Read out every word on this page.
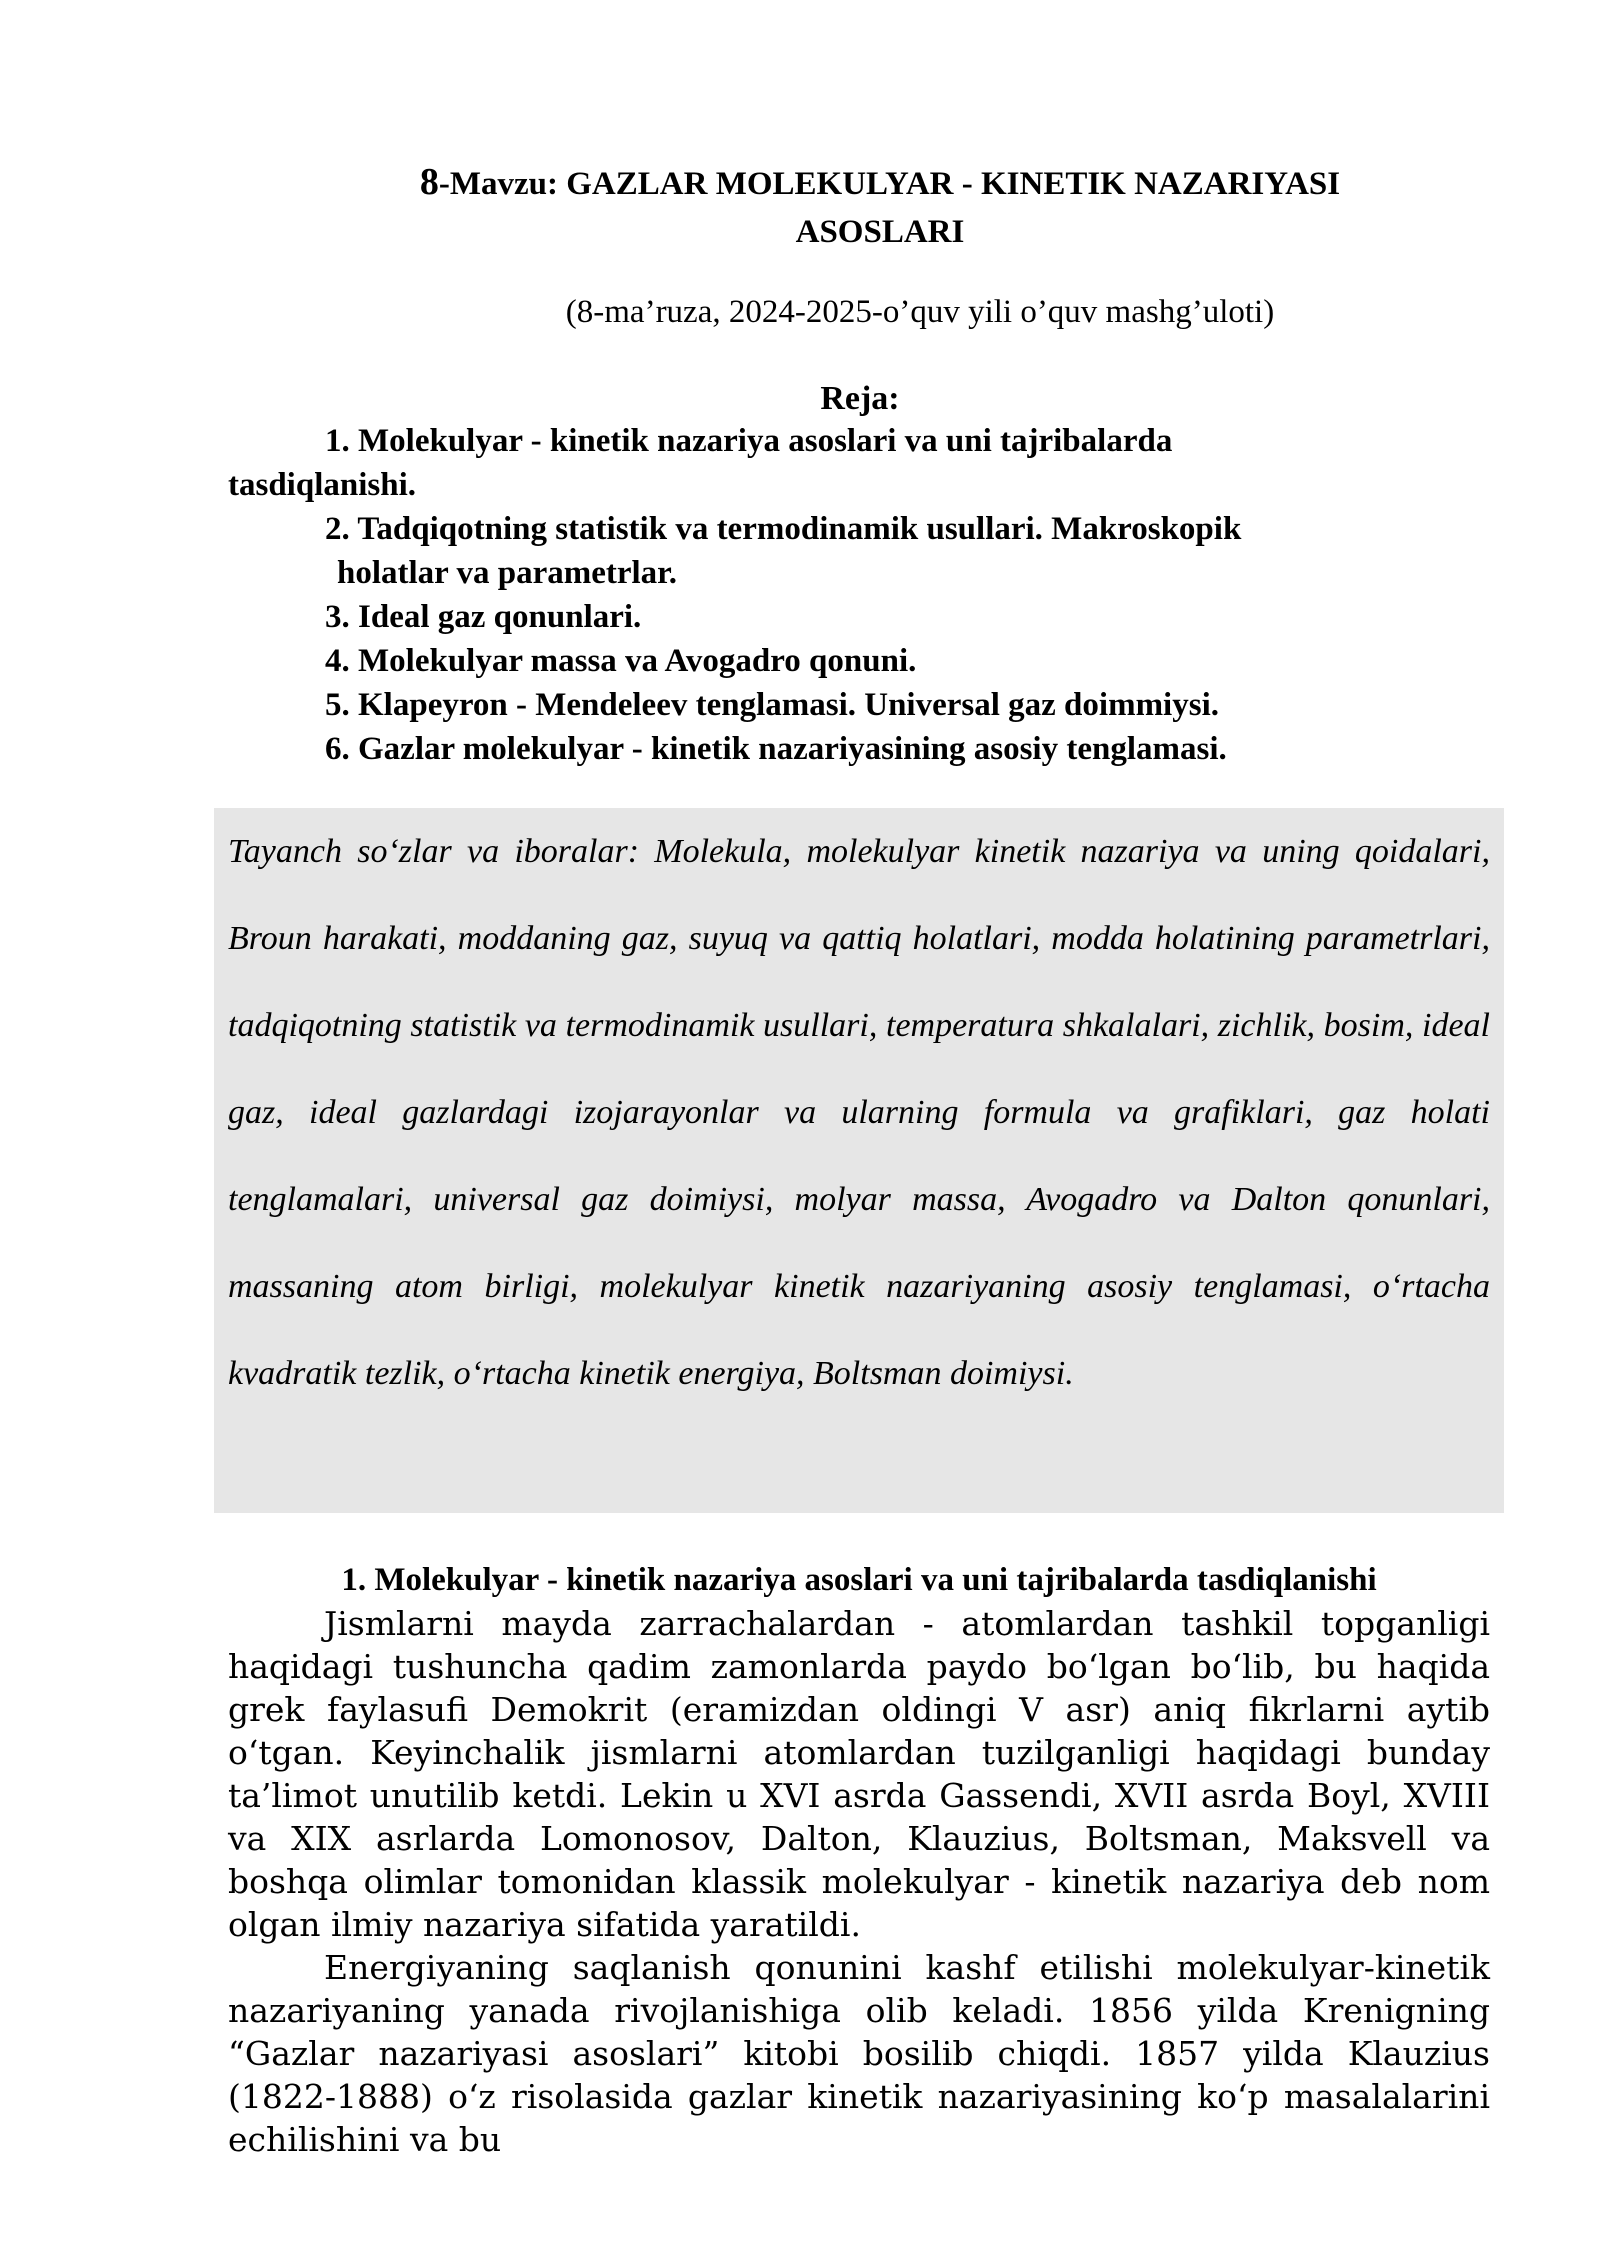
8-Mavzu: GAZLAR MOLEKULYAR - KINETIK NAZARIYASI
ASOSLARI
(8-ma’ruza, 2024-2025-o’quv yili o’quv mashg’uloti)
Reja:
1. Molekulyar - kinetik nazariya asoslari va uni tajribalarda
tasdiqlanishi.
2. Tadqiqotning statistik va termodinamik usullari. Makroskopik
holatlar va parametrlar.
3. Ideal gaz qonunlari.
4. Molekulyar massa va Avogadro qonuni.
5. Klapeyron - Mendeleev tenglamasi. Universal gaz doimmiysi.
6. Gazlar molekulyar - kinetik nazariyasining asosiy tenglamasi.
Tayanch so‘zlar va iboralar: Molekula, molekulyar kinetik nazariya va uning qoidalari, Broun harakati, moddaning gaz, suyuq va qattiq holatlari, modda holatining parametrlari, tadqiqotning statistik va termodinamik usullari, temperatura shkalalari, zichlik, bosim, ideal gaz, ideal gazlardagi izojarayonlar va ularning formula va grafiklari, gaz holati tenglamalari, universal gaz doimiysi, molyar massa, Avogadro va Dalton qonunlari, massaning atom birligi, molekulyar kinetik nazariyaning asosiy tenglamasi, o‘rtacha kvadratik tezlik, o‘rtacha kinetik energiya, Boltsman doimiysi.
1. Molekulyar - kinetik nazariya asoslari va uni tajribalarda tasdiqlanishi

Jismlarni mayda zarrachalardan - atomlardan tashkil topganligi haqidagi tushuncha qadim zamonlarda paydo bo‘lgan bo‘lib, bu haqida grek faylasufi Demokrit (eramizdan oldingi V asr) aniq fikrlarni aytib o‘tgan. Keyinchalik jismlarni atomlardan tuzilganligi haqidagi bunday ta’limot unutilib ketdi. Lekin u XVI asrda Gassendi, XVII asrda Boyl, XVIII va XIX asrlarda Lomonosov, Dalton, Klauzius, Boltsman, Maksvell va boshqa olimlar tomonidan klassik molekulyar - kinetik nazariya deb nom olgan ilmiy nazariya sifatida yaratildi.

Energiyaning saqlanish qonunini kashf etilishi molekulyar-kinetik nazariyaning yanada rivojlanishiga olib keladi. 1856 yilda Krenigning “Gazlar nazariyasi asoslari” kitobi bosilib chiqdi. 1857 yilda Klauzius (1822-1888) o‘z risolasida gazlar kinetik nazariyasining ko‘p masalalarini echilishini va bu
